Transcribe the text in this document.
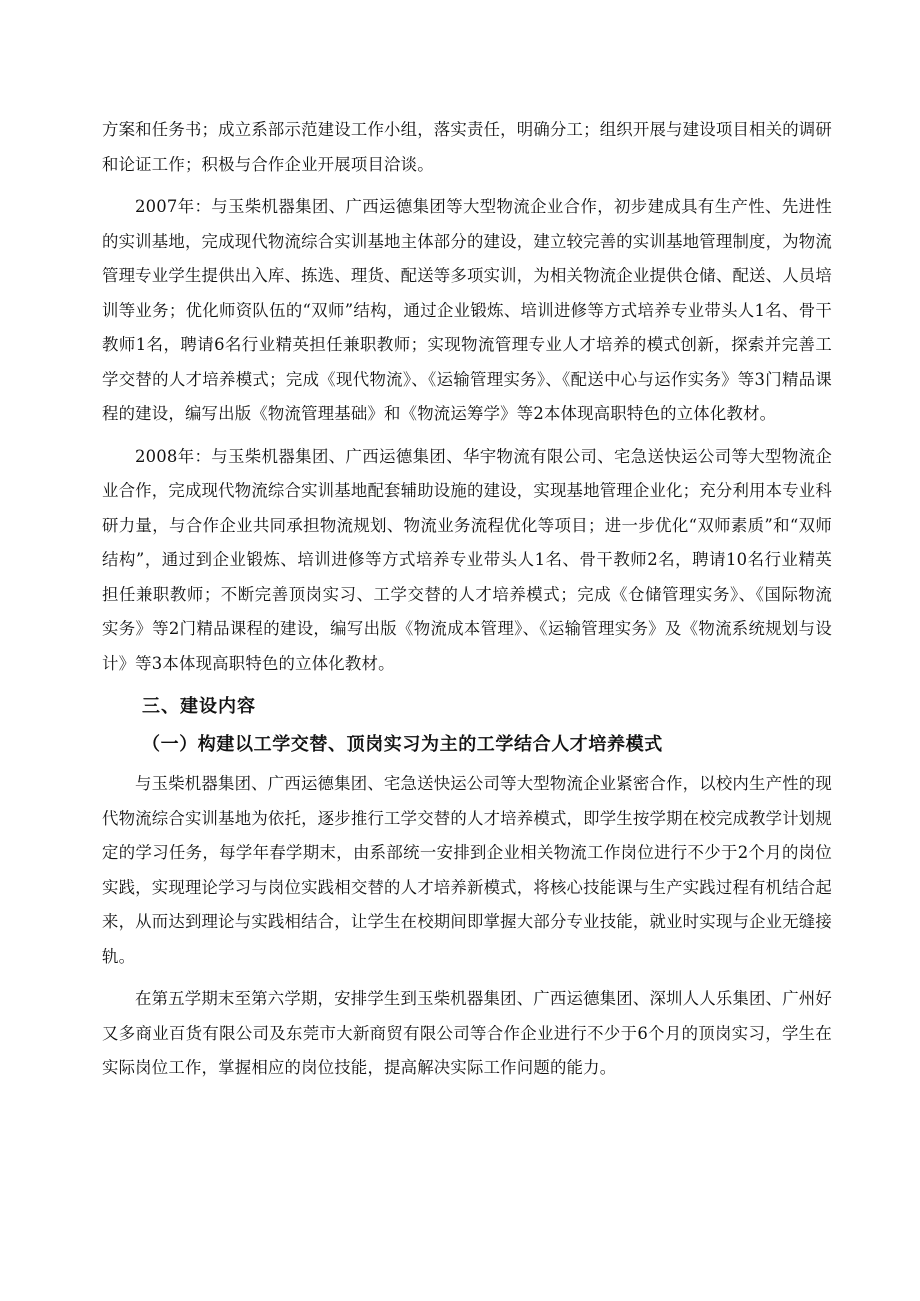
方案和任务书；成立系部示范建设工作小组，落实责任，明确分工；组织开展与建设项目相关的调研和论证工作；积极与合作企业开展项目洽谈。

2007年：与玉柴机器集团、广西运德集团等大型物流企业合作，初步建成具有生产性、先进性的实训基地，完成现代物流综合实训基地主体部分的建设，建立较完善的实训基地管理制度，为物流管理专业学生提供出入库、拣选、理货、配送等多项实训，为相关物流企业提供仓储、配送、人员培训等业务；优化师资队伍的“双师”结构，通过企业锻炼、培训进修等方式培养专业带头人1名、骨干教师1名，聘请6名行业精英担任兼职教师；实现物流管理专业人才培养的模式创新，探索并完善工学交替的人才培养模式；完成《现代物流》、《运输管理实务》、《配送中心与运作实务》等3门精品课程的建设，编写出版《物流管理基础》和《物流运筹学》等2本体现高职特色的立体化教材。

2008年：与玉柴机器集团、广西运德集团、华宇物流有限公司、宅急送快运公司等大型物流企业合作，完成现代物流综合实训基地配套辅助设施的建设，实现基地管理企业化；充分利用本专业科研力量，与合作企业共同承担物流规划、物流业务流程优化等项目；进一步优化“双师素质”和“双师结构”，通过到企业锻炼、培训进修等方式培养专业带头人1名、骨干教师2名，聘请10名行业精英担任兼职教师；不断完善顶岗实习、工学交替的人才培养模式；完成《仓储管理实务》、《国际物流实务》等2门精品课程的建设，编写出版《物流成本管理》、《运输管理实务》及《物流系统规划与设计》等3本体现高职特色的立体化教材。

三、建设内容
（一）构建以工学交替、顶岗实习为主的工学结合人才培养模式

与玉柴机器集团、广西运德集团、宅急送快运公司等大型物流企业紧密合作，以校内生产性的现代物流综合实训基地为依托，逐步推行工学交替的人才培养模式，即学生按学期在校完成教学计划规定的学习任务，每学年春学期末，由系部统一安排到企业相关物流工作岗位进行不少于2个月的岗位实践，实现理论学习与岗位实践相交替的人才培养新模式，将核心技能课与生产实践过程有机结合起来，从而达到理论与实践相结合，让学生在校期间即掌握大部分专业技能，就业时实现与企业无缝接轨。

在第五学期末至第六学期，安排学生到玉柴机器集团、广西运德集团、深圳人人乐集团、广州好又多商业百货有限公司及东莞市大新商贸有限公司等合作企业进行不少于6个月的顶岗实习，学生在实际岗位工作，掌握相应的岗位技能，提高解决实际工作问题的能力。
